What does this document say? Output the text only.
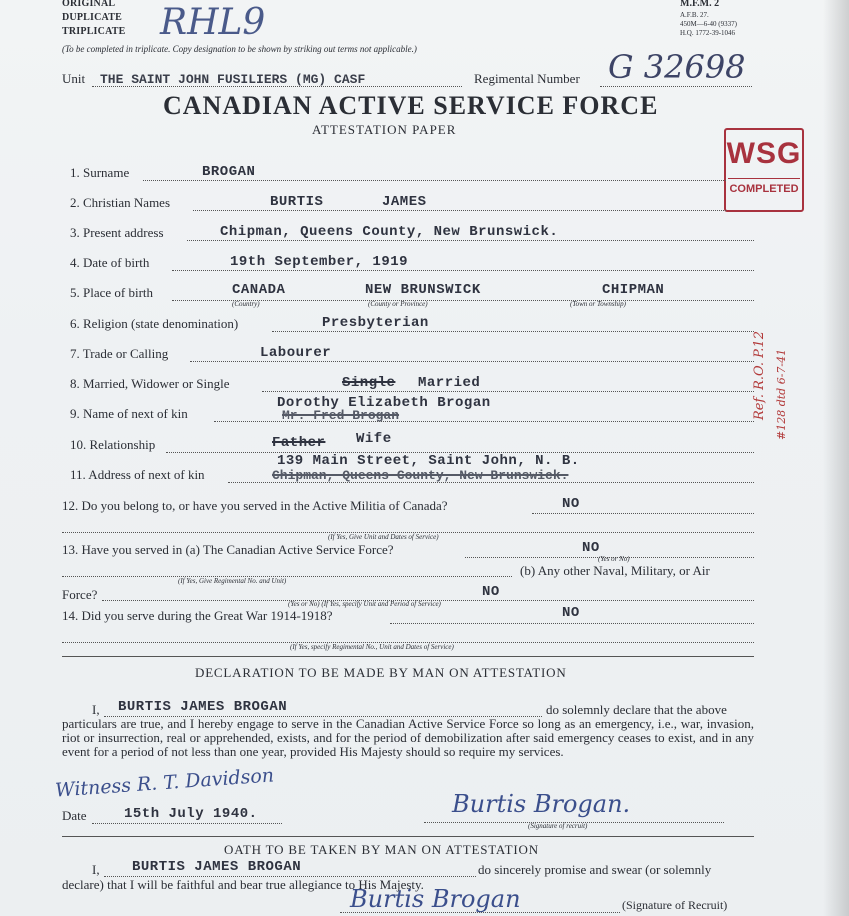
ORIGINAL
DUPLICATE
TRIPLICATE
(To be completed in triplicate. Copy designation to be shown by striking out terms not applicable.)
RHL9	M.F.M. 2
A.F.B. 27.
450M—6-40 (9337)
H.Q. 1772-39-1046
Unit THE SAINT JOHN FUSILIERS (MG) CASF	Regimental Number G 32698
CANADIAN ACTIVE SERVICE FORCE
ATTESTATION PAPER
WSG
COMPLETED
1. Surname	BROGAN
2. Christian Names	BURTIS	JAMES
3. Present address	Chipman, Queens County, New Brunswick.
4. Date of birth	19th September, 1919
5. Place of birth	CANADA	NEW BRUNSWICK	CHIPMAN
(Country)	(County or Province)	(Town or Township)
6. Religion (state denomination)	Presbyterian
7. Trade or Calling	Labourer
8. Married, Widower or Single	Single Married
9. Name of next of kin
Dorothy Elizabeth Brogan
Mr. Fred Brogan
10. Relationship	Father Wife
11. Address of next of kin
139 Main Street, Saint John, N. B.
Chipman, Queens County, New Brunswick.
12. Do you belong to, or have you served in the Active Militia of Canada?	NO
(If Yes, Give Unit and Dates of Service)
13. Have you served in (a) The Canadian Active Service Force?	NO
(Yes or No)
(If Yes, Give Regimental No. and Unit)
(b) Any other Naval, Military, or Air
Force?	NO
(Yes or No) (If Yes, specify Unit and Period of Service)
14. Did you serve during the Great War 1914-1918?	NO
(If Yes, specify Regimental No., Unit and Dates of Service)
DECLARATION TO BE MADE BY MAN ON ATTESTATION
I, BURTIS JAMES BROGAN	do solemnly declare that the above
particulars are true, and I hereby engage to serve in the Canadian Active Service Force so long as an emergency, i.e., war, invasion, riot or insurrection, real or apprehended, exists, and for the period of demobilization after said emergency ceases to exist, and in any event for a period of not less than one year, provided His Majesty should so require my services.
Witness R. T. Davidson
Date	15th July 1940.	Burtis Brogan.
(Signature of recruit)
OATH TO BE TAKEN BY MAN ON ATTESTATION
I, BURTIS JAMES BROGAN	do sincerely promise and swear (or solemnly
declare) that I will be faithful and bear true allegiance to His Majesty.
Burtis Brogan	(Signature of Recruit)
Ref. R.O. P.12 #128 dtd 6-7-41
